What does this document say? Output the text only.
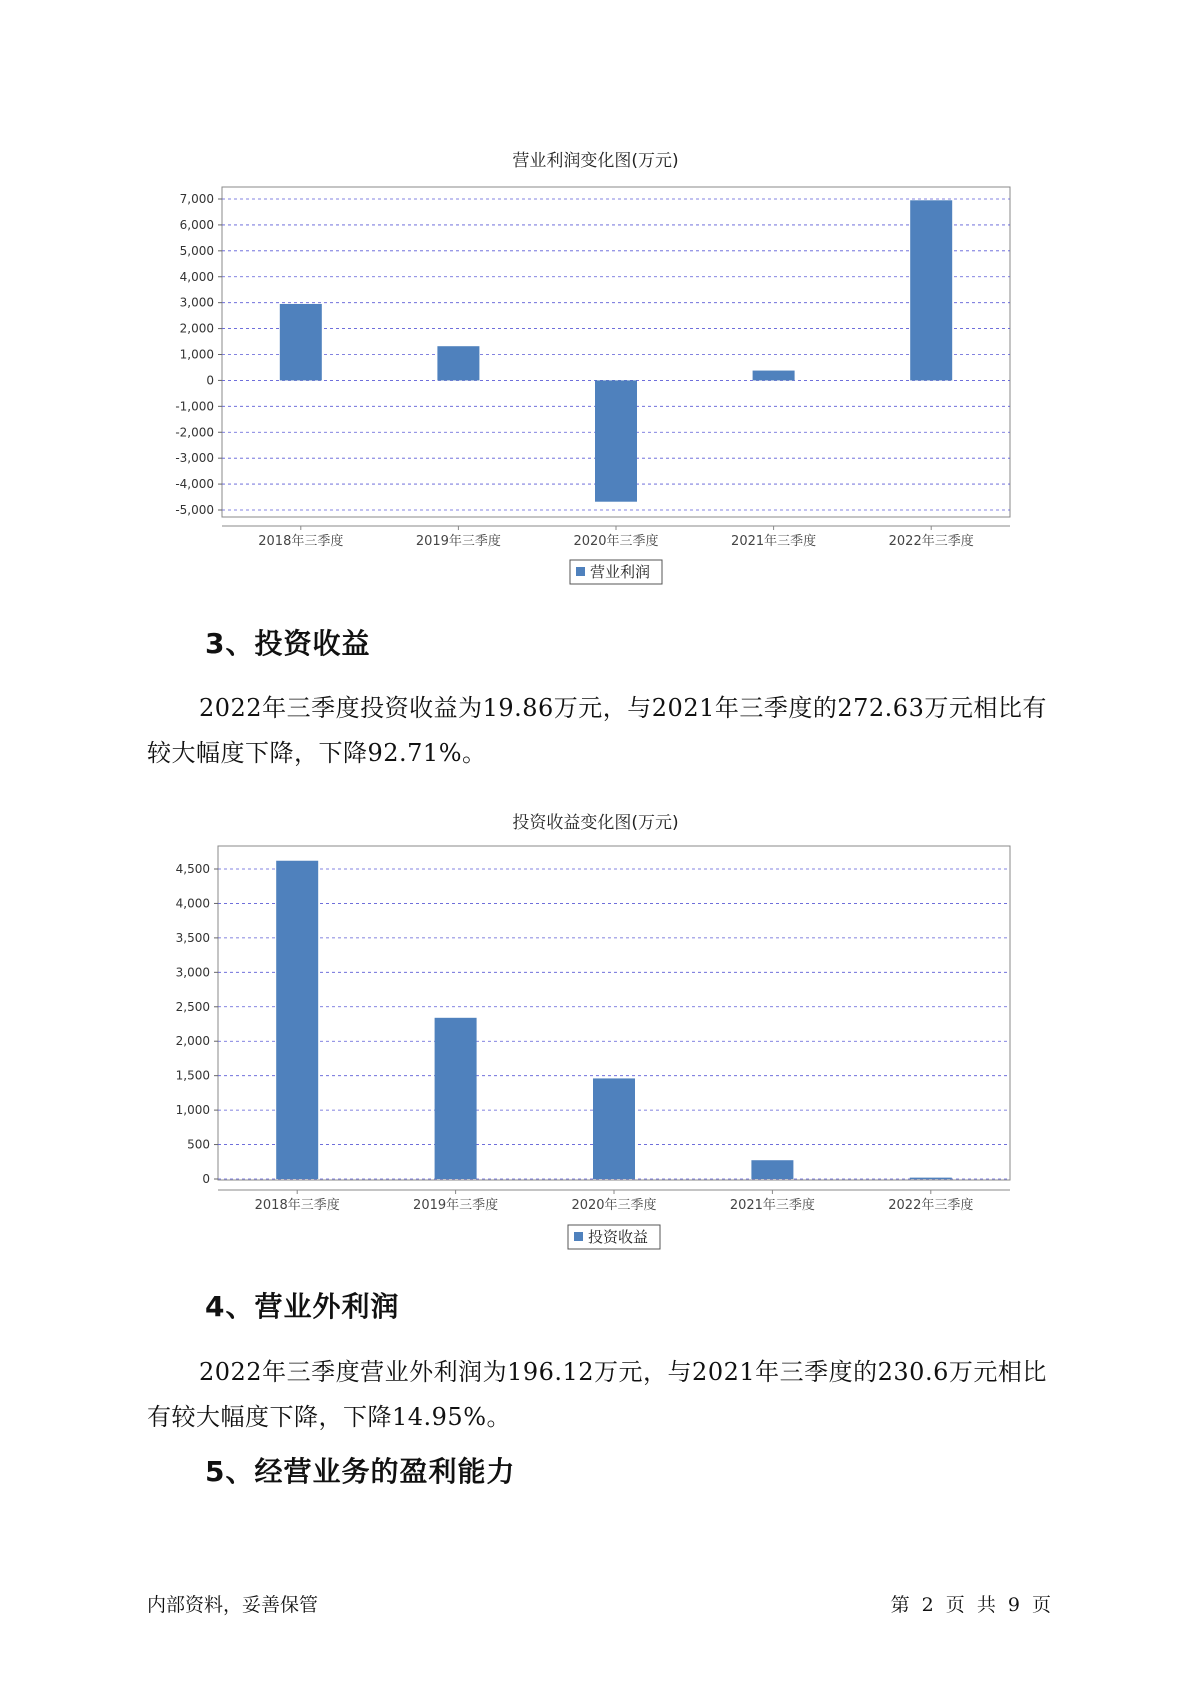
营业利润变化图(万元)
-5,000
-4,000
-3,000
-2,000
-1,000
0
1,000
2,000
3,000
4,000
5,000
6,000
7,000
2018年三季度	2019年三季度	2020年三季度	2021年三季度	2022年三季度
营业利润
3、投资收益

2022年三季度投资收益为19.86万元，与2021年三季度的272.63万元相比有较大幅度下降，下降92.71%。

投资收益变化图(万元)
0
500
1,000
1,500
2,000
2,500
3,000
3,500
4,000
4,500
2018年三季度	2019年三季度	2020年三季度	2021年三季度	2022年三季度
投资收益
4、营业外利润

2022年三季度营业外利润为196.12万元，与2021年三季度的230.6万元相比有较大幅度下降，下降14.95%。

5、经营业务的盈利能力
内部资料，妥善保管	第 2 页 共 9 页
